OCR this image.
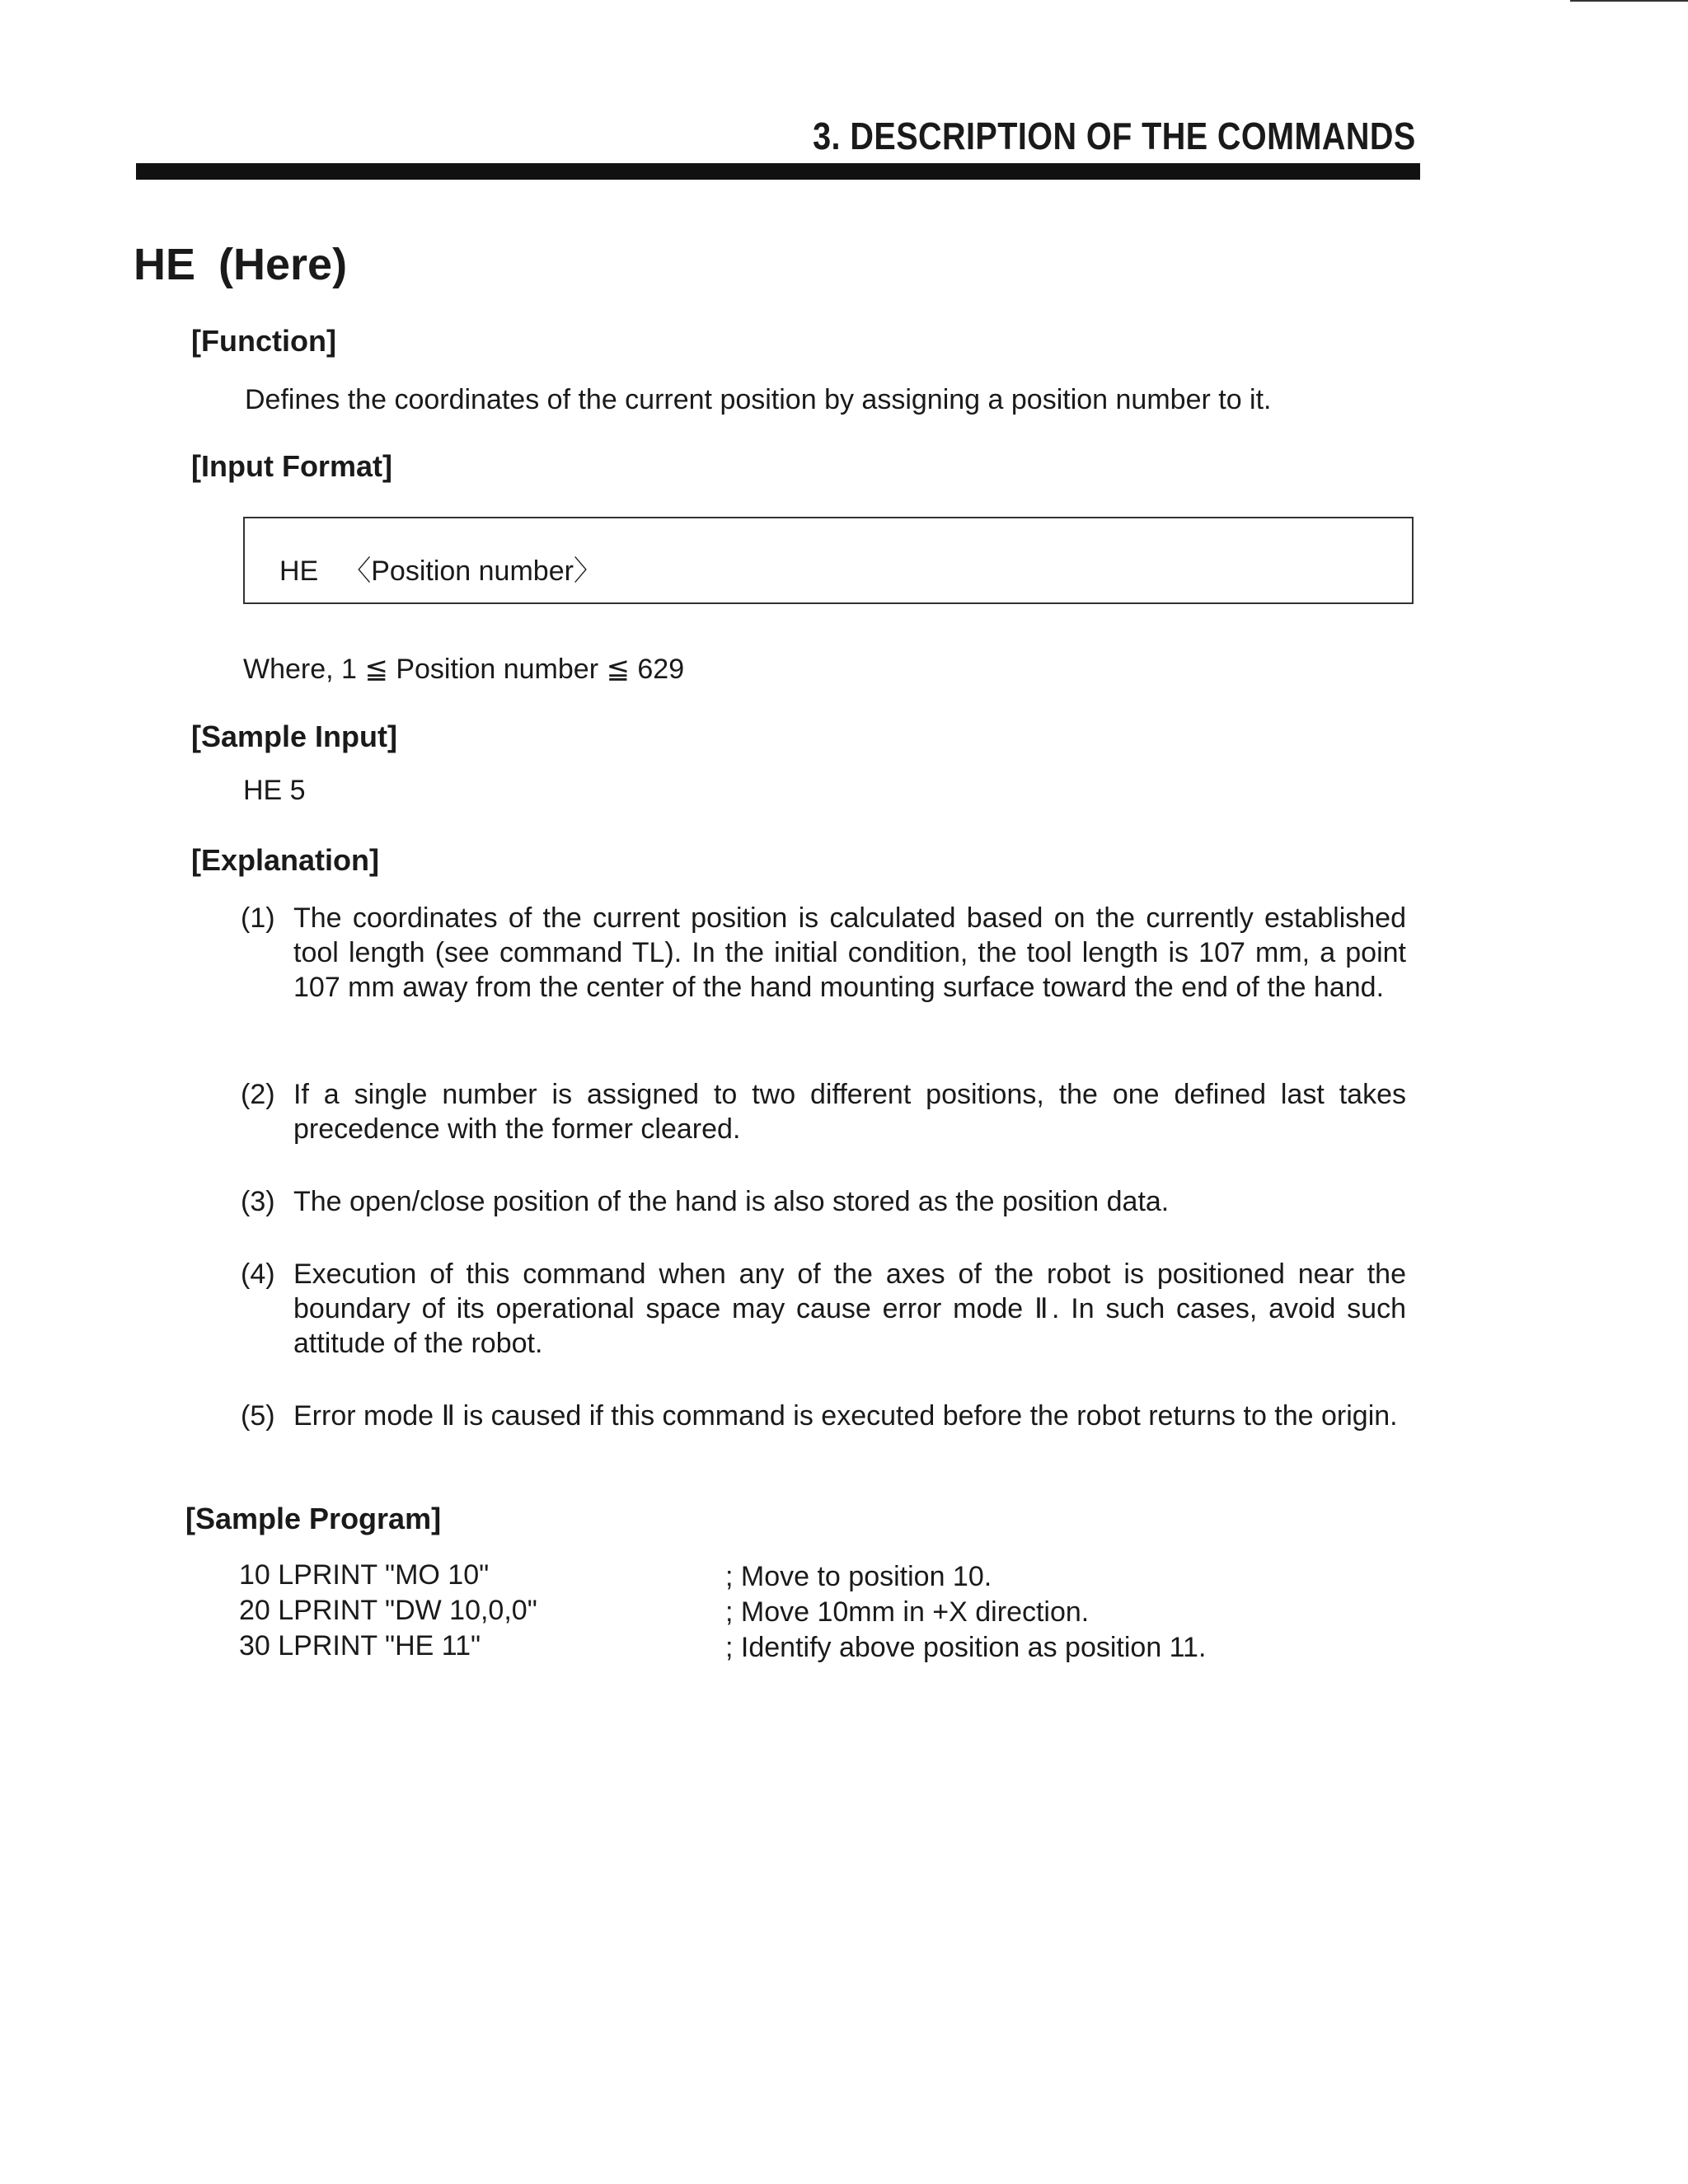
3. DESCRIPTION OF THE COMMANDS
HE (Here)
[Function]
Defines the coordinates of the current position by assigning a position number to it.
[Input Format]
HE 〈Position number〉
Where, 1 ≦ Position number ≦ 629
[Sample Input]
HE 5
[Explanation]
(1) The coordinates of the current position is calculated based on the currently established tool length (see command TL). In the initial condition, the tool length is 107 mm, a point 107 mm away from the center of the hand mounting surface toward the end of the hand.
(2) If a single number is assigned to two different positions, the one defined last takes precedence with the former cleared.
(3) The open/close position of the hand is also stored as the position data.
(4) Execution of this command when any of the axes of the robot is positioned near the boundary of its operational space may cause error mode Ⅱ. In such cases, avoid such attitude of the robot.
(5) Error mode Ⅱ is caused if this command is executed before the robot returns to the origin.
[Sample Program]
10 LPRINT "MO 10"	; Move to position 10.
20 LPRINT "DW 10,0,0"	; Move 10mm in +X direction.
30 LPRINT "HE 11"	; Identify above position as position 11.
